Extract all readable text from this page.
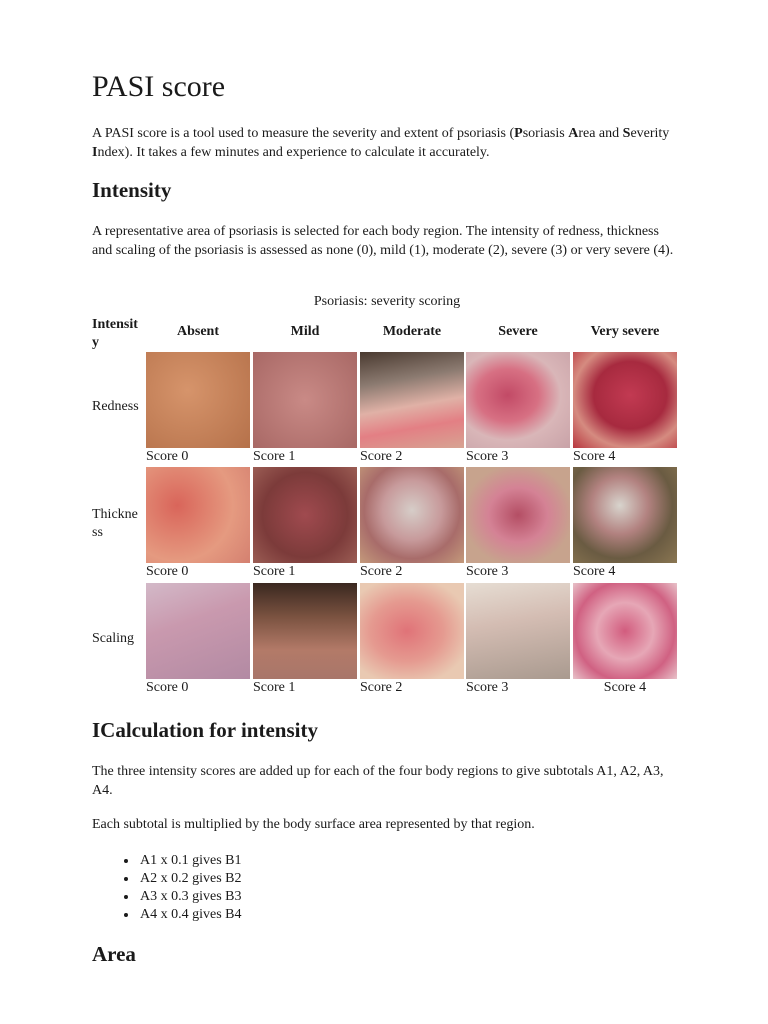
PASI score

A PASI score is a tool used to measure the severity and extent of psoriasis (Psoriasis Area and Severity Index). It takes a few minutes and experience to calculate it accurately.

Intensity

A representative area of psoriasis is selected for each body region. The intensity of redness, thickness and scaling of the psoriasis is assessed as none (0), mild (1), moderate (2), severe (3) or very severe (4).

Psoriasis: severity scoring
Intensit y
Absent	Mild	Moderate	Severe	Very severe
Redness
Score 0	Score 1	Score 2	Score 3	Score 4
Thickne ss
Score 0	Score 1	Score 2	Score 3	Score 4
Scaling
Score 0	Score 1	Score 2	Score 3	Score 4
ICalculation for intensity

The three intensity scores are added up for each of the four body regions to give subtotals A1, A2, A3, A4.

Each subtotal is multiplied by the body surface area represented by that region.

• A1 x 0.1 gives B1
• A2 x 0.2 gives B2
• A3 x 0.3 gives B3
• A4 x 0.4 gives B4
Area
